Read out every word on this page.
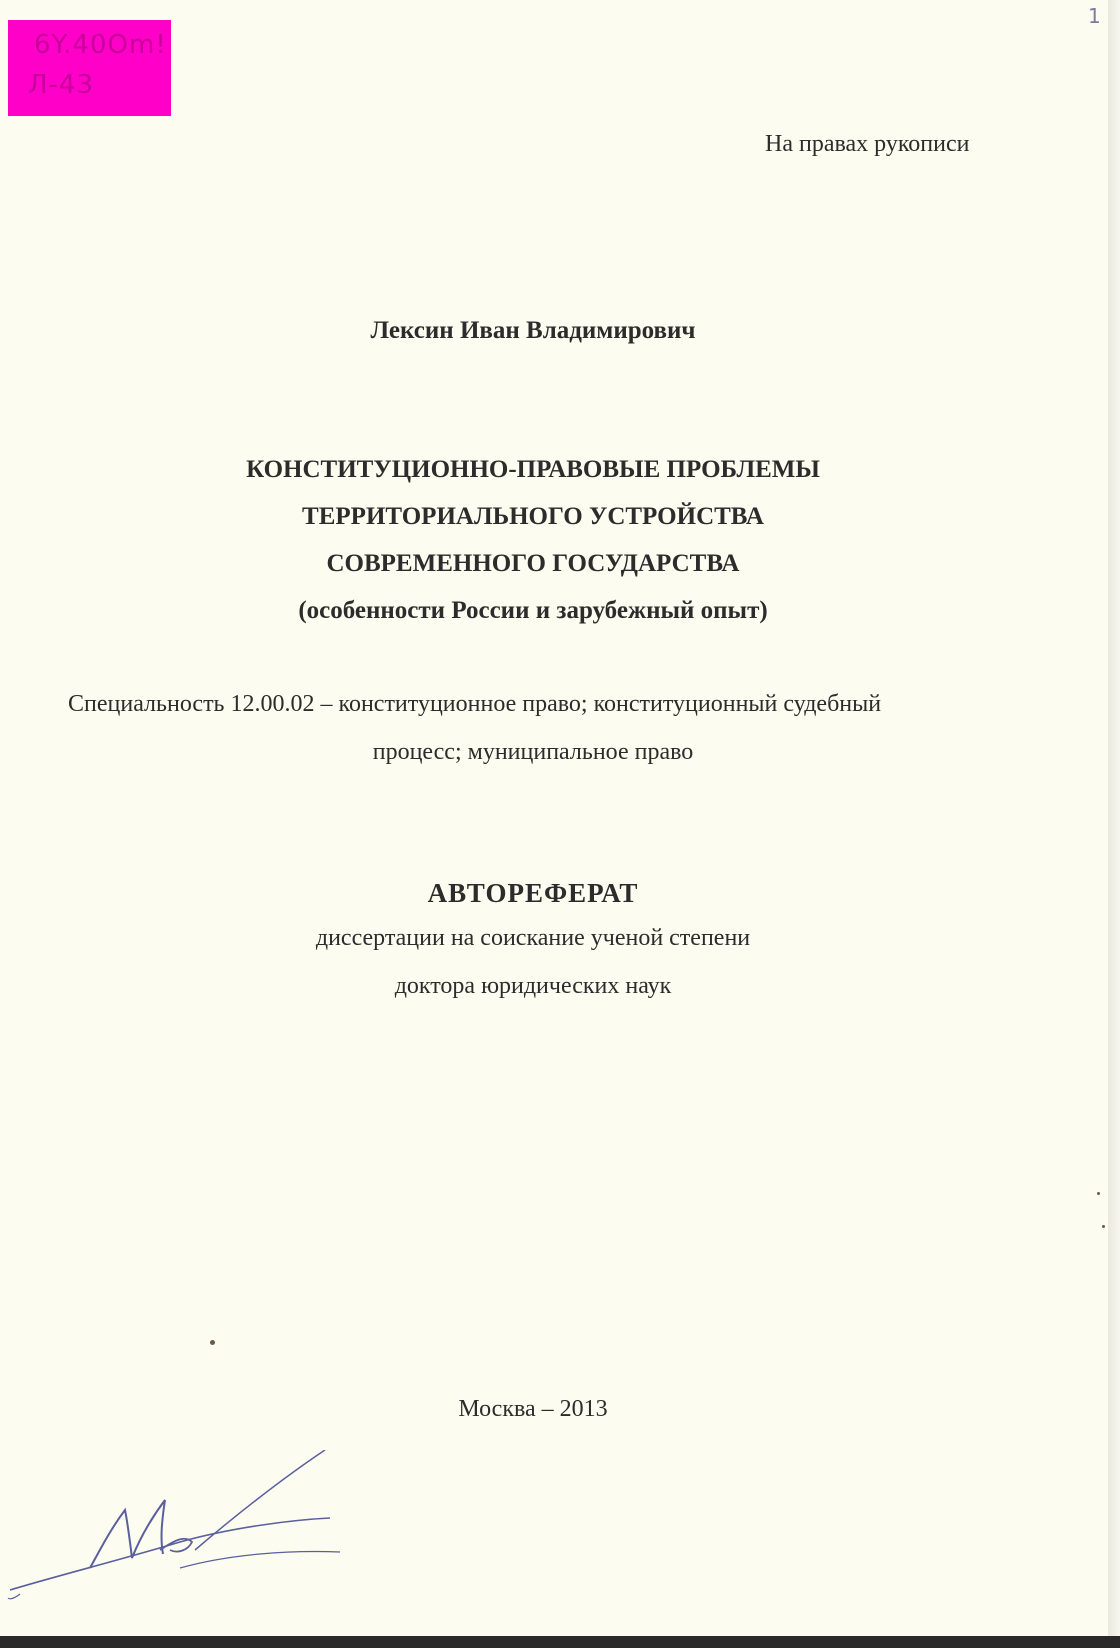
6Y.40Om!
Л-43
1
На правах рукописи
Лексин Иван Владимирович
КОНСТИТУЦИОННО-ПРАВОВЫЕ ПРОБЛЕМЫ
ТЕРРИТОРИАЛЬНОГО УСТРОЙСТВА
СОВРЕМЕННОГО ГОСУДАРСТВА
(особенности России и зарубежный опыт)
Специальность 12.00.02 – конституционное право; конституционный судебный
процесс; муниципальное право
АВТОРЕФЕРАТ
диссертации на соискание ученой степени
доктора юридических наук
Москва – 2013
